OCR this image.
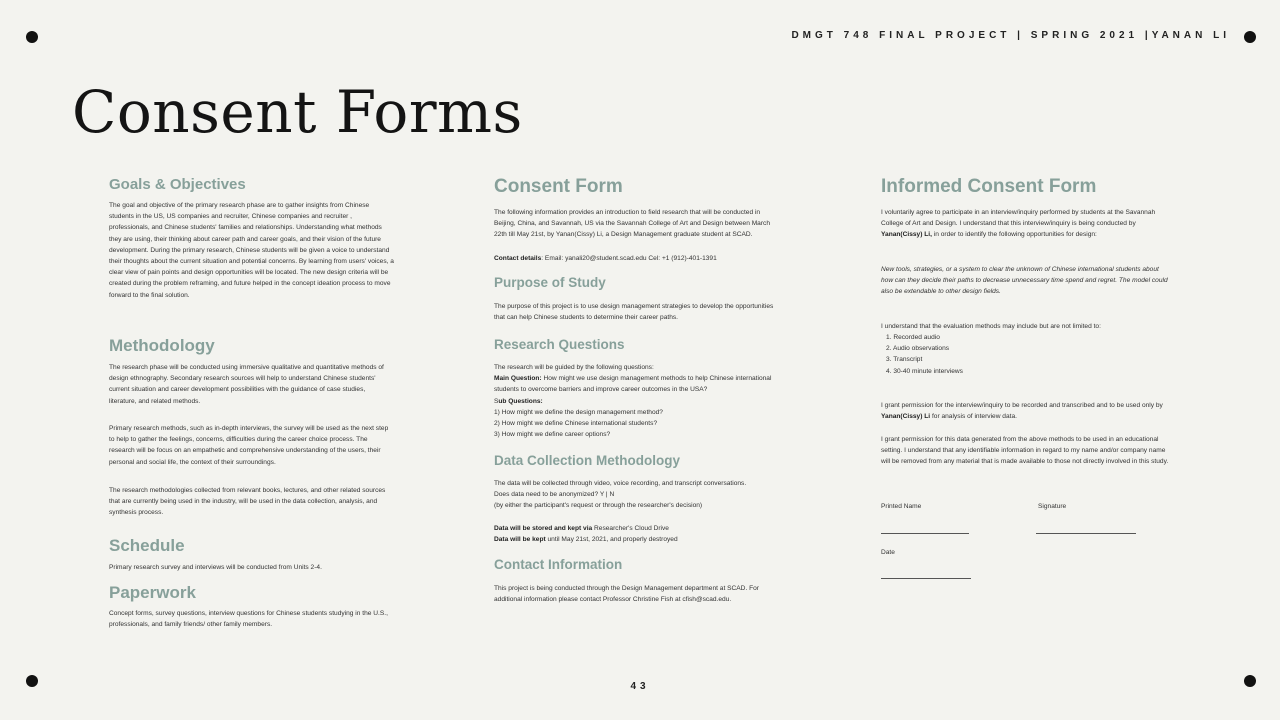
DMGT 748 FINAL PROJECT | SPRING 2021 |YANAN LI
Consent Forms
Goals & Objectives

The goal and objective of the primary research phase are to gather insights from Chinese students in the US, US companies and recruiter, Chinese companies and recruiter , professionals, and Chinese students' families and relationships. Understanding what methods they are using, their thinking about career path and career goals, and their vision of the future development. During the primary research, Chinese students will be given a voice to understand their thoughts about the current situation and potential concerns. By learning from users' voices, a clear view of pain points and design opportunities will be located. The new design criteria will be created during the problem reframing, and future helped in the concept ideation process to move forward to the final solution.

Methodology

The research phase will be conducted using immersive qualitative and quantitative methods of design ethnography. Secondary research sources will help to understand Chinese students' current situation and career development possibilities with the guidance of case studies, literature, and related methods.

Primary research methods, such as in-depth interviews, the survey will be used as the next step to help to gather the feelings, concerns, difficulties during the career choice process. The research will be focus on an empathetic and comprehensive understanding of the users, their personal and social life, the context of their surroundings.

The research methodologies collected from relevant books, lectures, and other related sources that are currently being used in the industry, will be used in the data collection, analysis, and synthesis process.

Schedule

Primary research survey and interviews will be conducted from Units 2-4.

Paperwork

Concept forms, survey questions, interview questions for Chinese students studying in the U.S., professionals, and family friends/ other family members.

Consent Form

The following information provides an introduction to field research that will be conducted in Beijing, China, and Savannah, US via the Savannah College of Art and Design between March 22th till May 21st, by Yanan(Cissy) Li, a Design Management graduate student at SCAD.

Contact details: Email: yanali20@student.scad.edu Cel: +1 (912)-401-1391

Purpose of Study

The purpose of this project is to use design management strategies to develop the opportunities that can help Chinese students to determine their career paths.

Research Questions

The research will be guided by the following questions:

Main Question: How might we use design management methods to help Chinese international students to overcome barriers and improve career outcomes in the USA?

Sub Questions:

1) How might we define the design management method?

2) How might we define Chinese international students?

3) How might we define career options?

Data Collection Methodology

The data will be collected through video, voice recording, and transcript conversations.

Does data need to be anonymized? Y | N

(by either the participant's request or through the researcher's decision)

Data will be stored and kept via Researcher's Cloud Drive

Data will be kept until May 21st, 2021, and properly destroyed

Contact Information

This project is being conducted through the Design Management department at SCAD. For additional information please contact Professor Christine Fish at cfish@scad.edu.

Informed Consent Form

I voluntarily agree to participate in an interview/inquiry performed by students at the Savannah College of Art and Design. I understand that this interview/inquiry is being conducted by Yanan(Cissy) Li, in order to identify the following opportunities for design:

New tools, strategies, or a system to clear the unknown of Chinese international students about how can they decide their paths to decrease unnecessary time spend and regret. The model could also be extendable to other design fields.

I understand that the evaluation methods may include but are not limited to:

1. Recorded audio
2. Audio observations
3. Transcript
4. 30-40 minute interviews

I grant permission for the interview/inquiry to be recorded and transcribed and to be used only by Yanan(Cissy) Li for analysis of interview data.

I grant permission for this data generated from the above methods to be used in an educational setting. I understand that any identifiable information in regard to my name and/or company name will be removed from any material that is made available to those not directly involved in this study.

Printed Name	Signature
Date
43
